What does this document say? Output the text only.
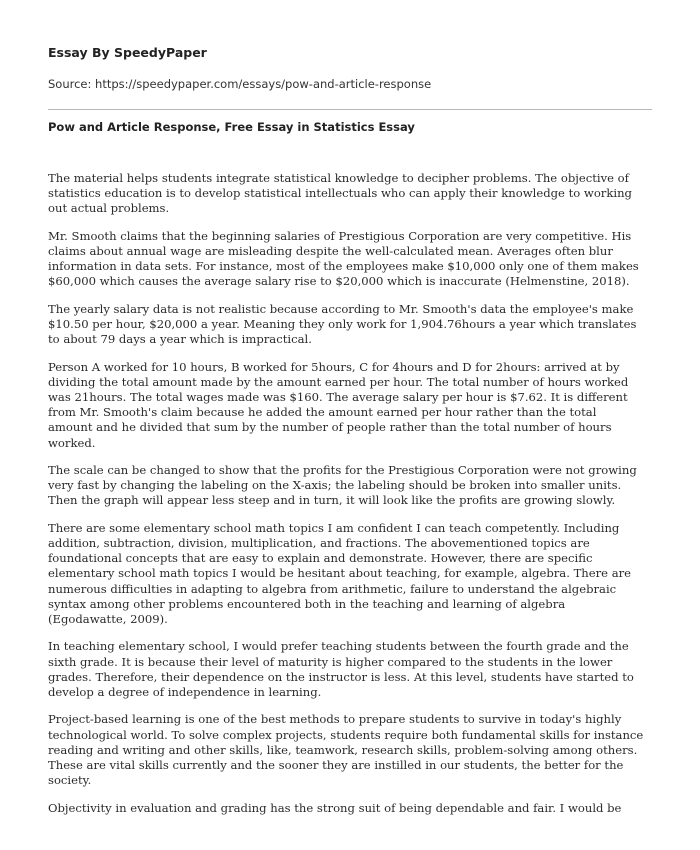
Essay By SpeedyPaper
Source: https://speedypaper.com/essays/pow-and-article-response
Pow and Article Response, Free Essay in Statistics Essay

The material helps students integrate statistical knowledge to decipher problems. The objective of
statistics education is to develop statistical intellectuals who can apply their knowledge to working
out actual problems.

Mr. Smooth claims that the beginning salaries of Prestigious Corporation are very competitive. His
claims about annual wage are misleading despite the well-calculated mean. Averages often blur
information in data sets. For instance, most of the employees make $10,000 only one of them makes
$60,000 which causes the average salary rise to $20,000 which is inaccurate (Helmenstine, 2018).

The yearly salary data is not realistic because according to Mr. Smooth's data the employee's make
$10.50 per hour, $20,000 a year. Meaning they only work for 1,904.76hours a year which translates
to about 79 days a year which is impractical.

Person A worked for 10 hours, B worked for 5hours, C for 4hours and D for 2hours: arrived at by
dividing the total amount made by the amount earned per hour. The total number of hours worked
was 21hours. The total wages made was $160. The average salary per hour is $7.62. It is different
from Mr. Smooth's claim because he added the amount earned per hour rather than the total
amount and he divided that sum by the number of people rather than the total number of hours
worked.

The scale can be changed to show that the profits for the Prestigious Corporation were not growing
very fast by changing the labeling on the X-axis; the labeling should be broken into smaller units.
Then the graph will appear less steep and in turn, it will look like the profits are growing slowly.

There are some elementary school math topics I am confident I can teach competently. Including
addition, subtraction, division, multiplication, and fractions. The abovementioned topics are
foundational concepts that are easy to explain and demonstrate. However, there are specific
elementary school math topics I would be hesitant about teaching, for example, algebra. There are
numerous difficulties in adapting to algebra from arithmetic, failure to understand the algebraic
syntax among other problems encountered both in the teaching and learning of algebra
(Egodawatte, 2009).

In teaching elementary school, I would prefer teaching students between the fourth grade and the
sixth grade. It is because their level of maturity is higher compared to the students in the lower
grades. Therefore, their dependence on the instructor is less. At this level, students have started to
develop a degree of independence in learning.

Project-based learning is one of the best methods to prepare students to survive in today's highly
technological world. To solve complex projects, students require both fundamental skills for instance
reading and writing and other skills, like, teamwork, research skills, problem-solving among others.
These are vital skills currently and the sooner they are instilled in our students, the better for the
society.

Objectivity in evaluation and grading has the strong suit of being dependable and fair. I would be
